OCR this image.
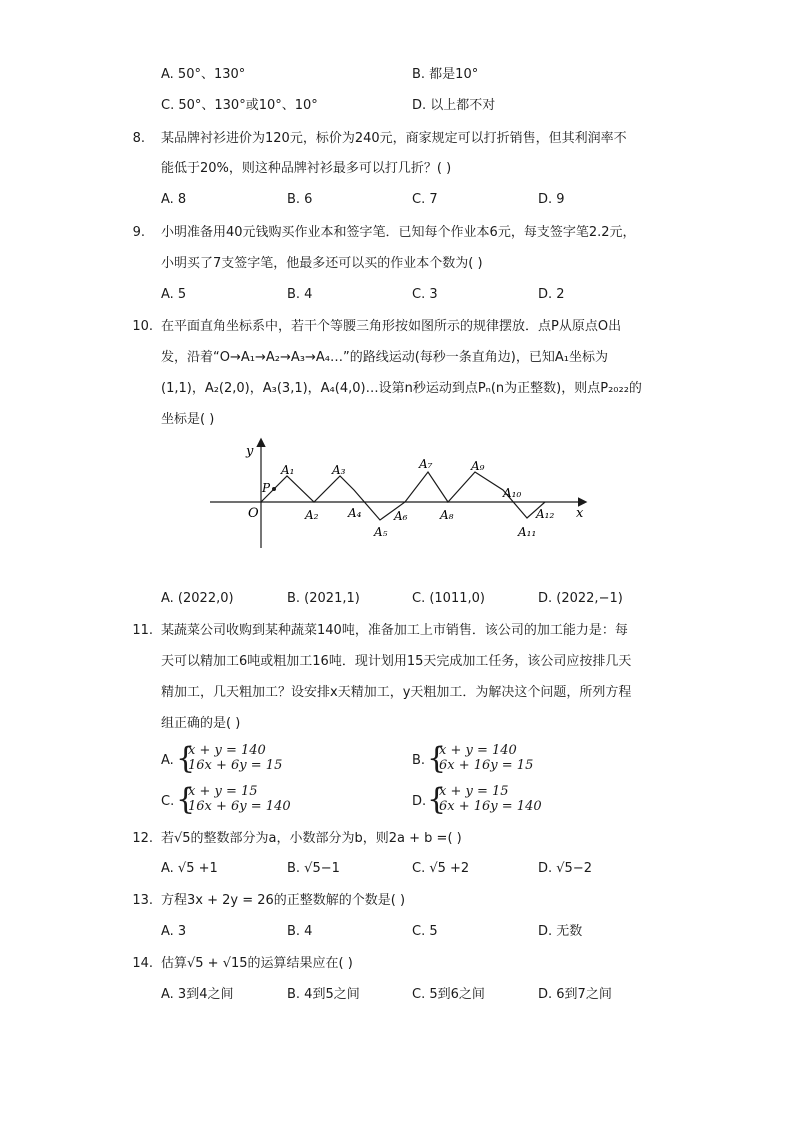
A. 50°、130°	B. 都是10°
C. 50°、130°或10°、10°	D. 以上都不对
8. 某品牌衬衫进价为120元，标价为240元，商家规定可以打折销售，但其利润率不
能低于20%，则这种品牌衬衫最多可以打几折？( )
A. 8	B. 6	C. 7	D. 9
9. 小明准备用40元钱购买作业本和签字笔．已知每个作业本6元，每支签字笔2.2元，
小明买了7支签字笔，他最多还可以买的作业本个数为( )
A. 5	B. 4	C. 3	D. 2
10. 在平面直角坐标系中，若干个等腰三角形按如图所示的规律摆放．点P从原点O出
发，沿着“O→A₁→A₂→A₃→A₄…”的路线运动(每秒一条直角边)，已知A₁坐标为
(1,1)，A₂(2,0)，A₃(3,1)，A₄(4,0)…设第n秒运动到点Pₙ(n为正整数)，则点P₂₀₂₂的
坐标是( )
y
x
O
P
A₁
A₂
A₃
A₄
A₅
A₆
A₇
A₈
A₉
A₁₀
A₁₁
A₁₂
A. (2022,0)	B. (2021,1)	C. (1011,0)	D. (2022,−1)
11. 某蔬菜公司收购到某种蔬菜140吨，准备加工上市销售．该公司的加工能力是：每
天可以精加工6吨或粗加工16吨．现计划用15天完成加工任务，该公司应按排几天
精加工，几天粗加工？设安排x天精加工，y天粗加工．为解决这个问题，所列方程
组正确的是( )
A. {
x + y = 140
16x + 6y = 15	B. {
x + y = 140
6x + 16y = 15
C. {
x + y = 15
16x + 6y = 140	D. {
x + y = 15
6x + 16y = 140
12. 若√5的整数部分为a，小数部分为b，则2a + b =( )
A. √5 +1	B. √5−1	C. √5 +2	D. √5−2
13. 方程3x + 2y = 26的正整数解的个数是( )
A. 3	B. 4	C. 5	D. 无数
14. 估算√5 + √15的运算结果应在( )
A. 3到4之间	B. 4到5之间	C. 5到6之间	D. 6到7之间
